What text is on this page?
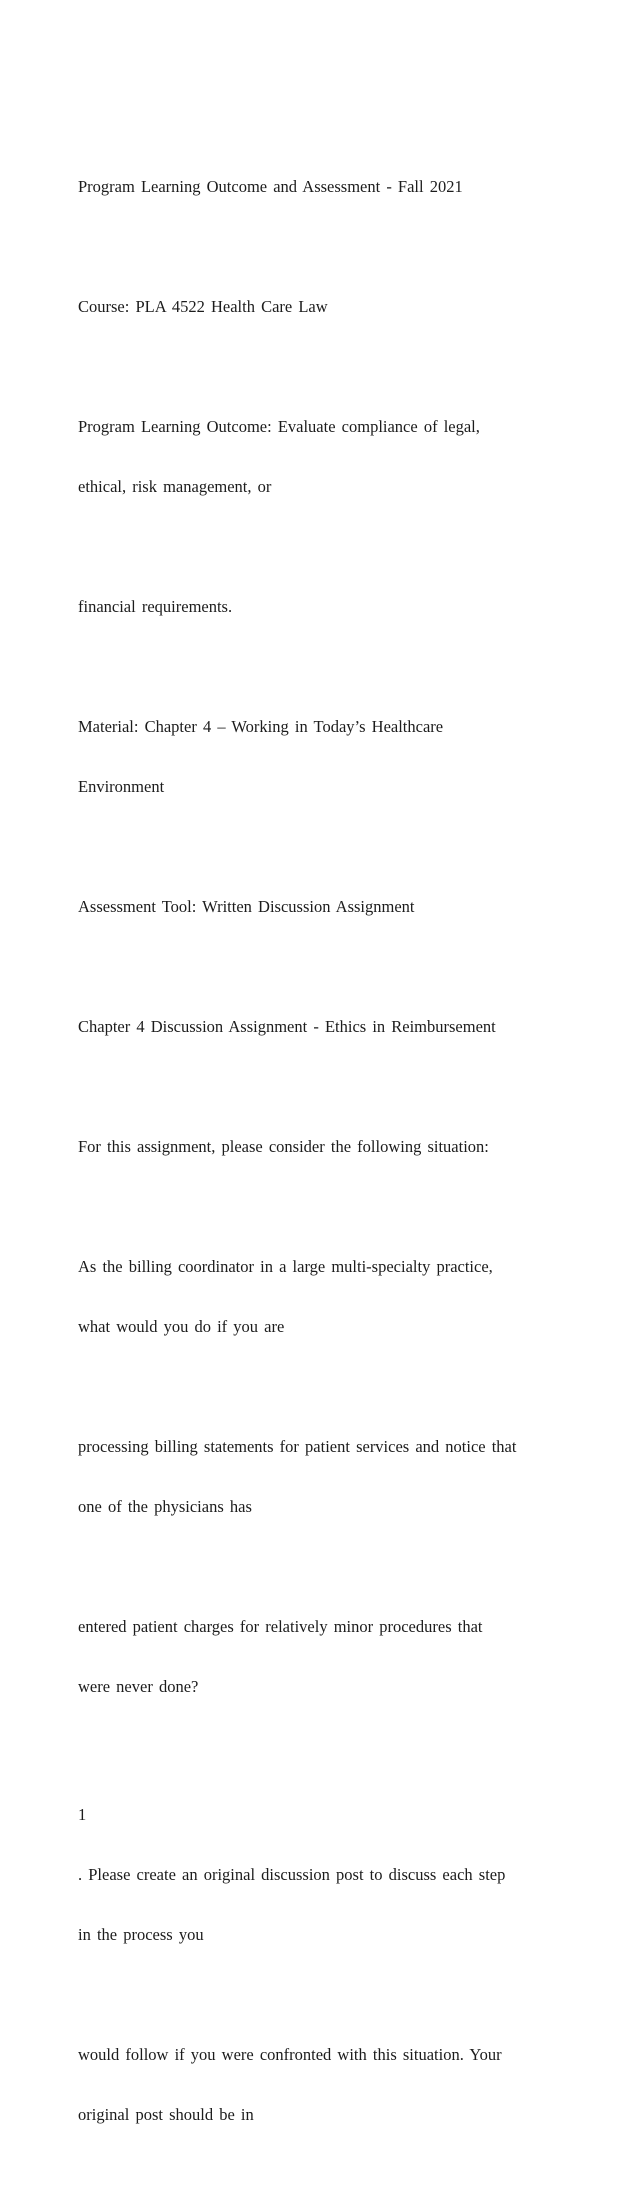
Program Learning Outcome and Assessment - Fall 2021

Course: PLA 4522 Health Care Law

Program Learning Outcome: Evaluate compliance of legal,

ethical, risk management, or

financial requirements.

Material: Chapter 4 – Working in Today’s Healthcare

Environment

Assessment Tool: Written Discussion Assignment

Chapter 4 Discussion Assignment - Ethics in Reimbursement

For this assignment, please consider the following situation:

As the billing coordinator in a large multi-specialty practice,

what would you do if you are

processing billing statements for patient services and notice that

one of the physicians has

entered patient charges for relatively minor procedures that

were never done?

1

. Please create an original discussion post to discuss each step

in the process you

would follow if you were confronted with this situation. Your

original post should be in
